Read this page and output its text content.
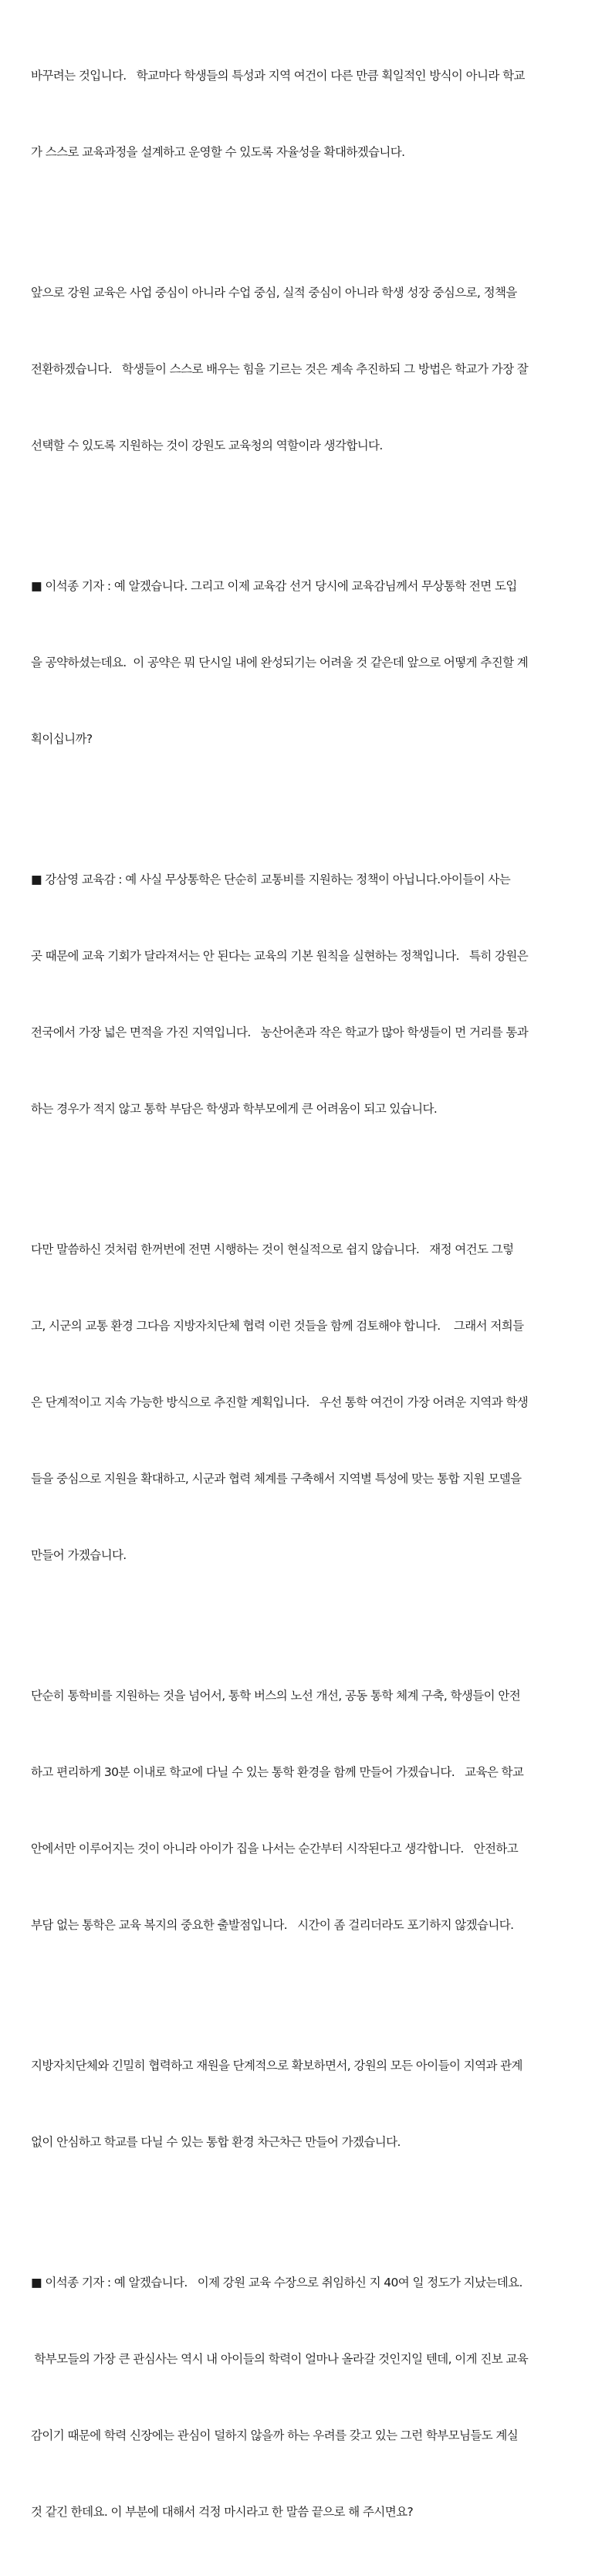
바꾸려는 것입니다.   학교마다 학생들의 특성과 지역 여건이 다른 만큼 획일적인 방식이 아니라 학교

가 스스로 교육과정을 설계하고 운영할 수 있도록 자율성을 확대하겠습니다.

앞으로 강원 교육은 사업 중심이 아니라 수업 중심, 실적 중심이 아니라 학생 성장 중심으로, 정책을

전환하겠습니다.   학생들이 스스로 배우는 힘을 기르는 것은 계속 추진하되 그 방법은 학교가 가장 잘

선택할 수 있도록 지원하는 것이 강원도 교육청의 역할이라 생각합니다.

■ 이석종 기자 : 예 알겠습니다. 그리고 이제 교육감 선거 당시에 교육감님께서 무상통학 전면 도입

을 공약하셨는데요.  이 공약은 뭐 단시일 내에 완성되기는 어려울 것 같은데 앞으로 어떻게 추진할 계

획이십니까?

■ 강삼영 교육감 : 예 사실 무상통학은 단순히 교통비를 지원하는 정책이 아닙니다.아이들이 사는

곳 때문에 교육 기회가 달라져서는 안 된다는 교육의 기본 원칙을 실현하는 정책입니다.   특히 강원은

전국에서 가장 넓은 면적을 가진 지역입니다.   농산어촌과 작은 학교가 많아 학생들이 먼 거리를 통과

하는 경우가 적지 않고 통학 부담은 학생과 학부모에게 큰 어려움이 되고 있습니다.

다만 말씀하신 것처럼 한꺼번에 전면 시행하는 것이 현실적으로 쉽지 않습니다.   재정 여건도 그렇

고, 시군의 교통 환경 그다음 지방자치단체 협력 이런 것들을 함께 검토해야 합니다.    그래서 저희들

은 단계적이고 지속 가능한 방식으로 추진할 계획입니다.   우선 통학 여건이 가장 어려운 지역과 학생

들을 중심으로 지원을 확대하고, 시군과 협력 체계를 구축해서 지역별 특성에 맞는 통합 지원 모델을

만들어 가겠습니다.

단순히 통학비를 지원하는 것을 넘어서, 통학 버스의 노선 개선, 공동 통학 체계 구축, 학생들이 안전

하고 편리하게 30분 이내로 학교에 다닐 수 있는 통학 환경을 함께 만들어 가겠습니다.   교육은 학교

안에서만 이루어지는 것이 아니라 아이가 집을 나서는 순간부터 시작된다고 생각합니다.   안전하고

부담 없는 통학은 교육 복지의 중요한 출발점입니다.   시간이 좀 걸리더라도 포기하지 않겠습니다.

지방자치단체와 긴밀히 협력하고 재원을 단계적으로 확보하면서, 강원의 모든 아이들이 지역과 관계

없이 안심하고 학교를 다닐 수 있는 통합 환경 차근차근 만들어 가겠습니다.

■ 이석종 기자 : 예 알겠습니다.   이제 강원 교육 수장으로 취임하신 지 40여 일 정도가 지났는데요.

학부모들의 가장 큰 관심사는 역시 내 아이들의 학력이 얼마나 올라갈 것인지일 텐데, 이게 진보 교육

감이기 때문에 학력 신장에는 관심이 덜하지 않을까 하는 우려를 갖고 있는 그런 학부모님들도 계실

것 같긴 한데요. 이 부분에 대해서 걱정 마시라고 한 말씀 끝으로 해 주시면요?
